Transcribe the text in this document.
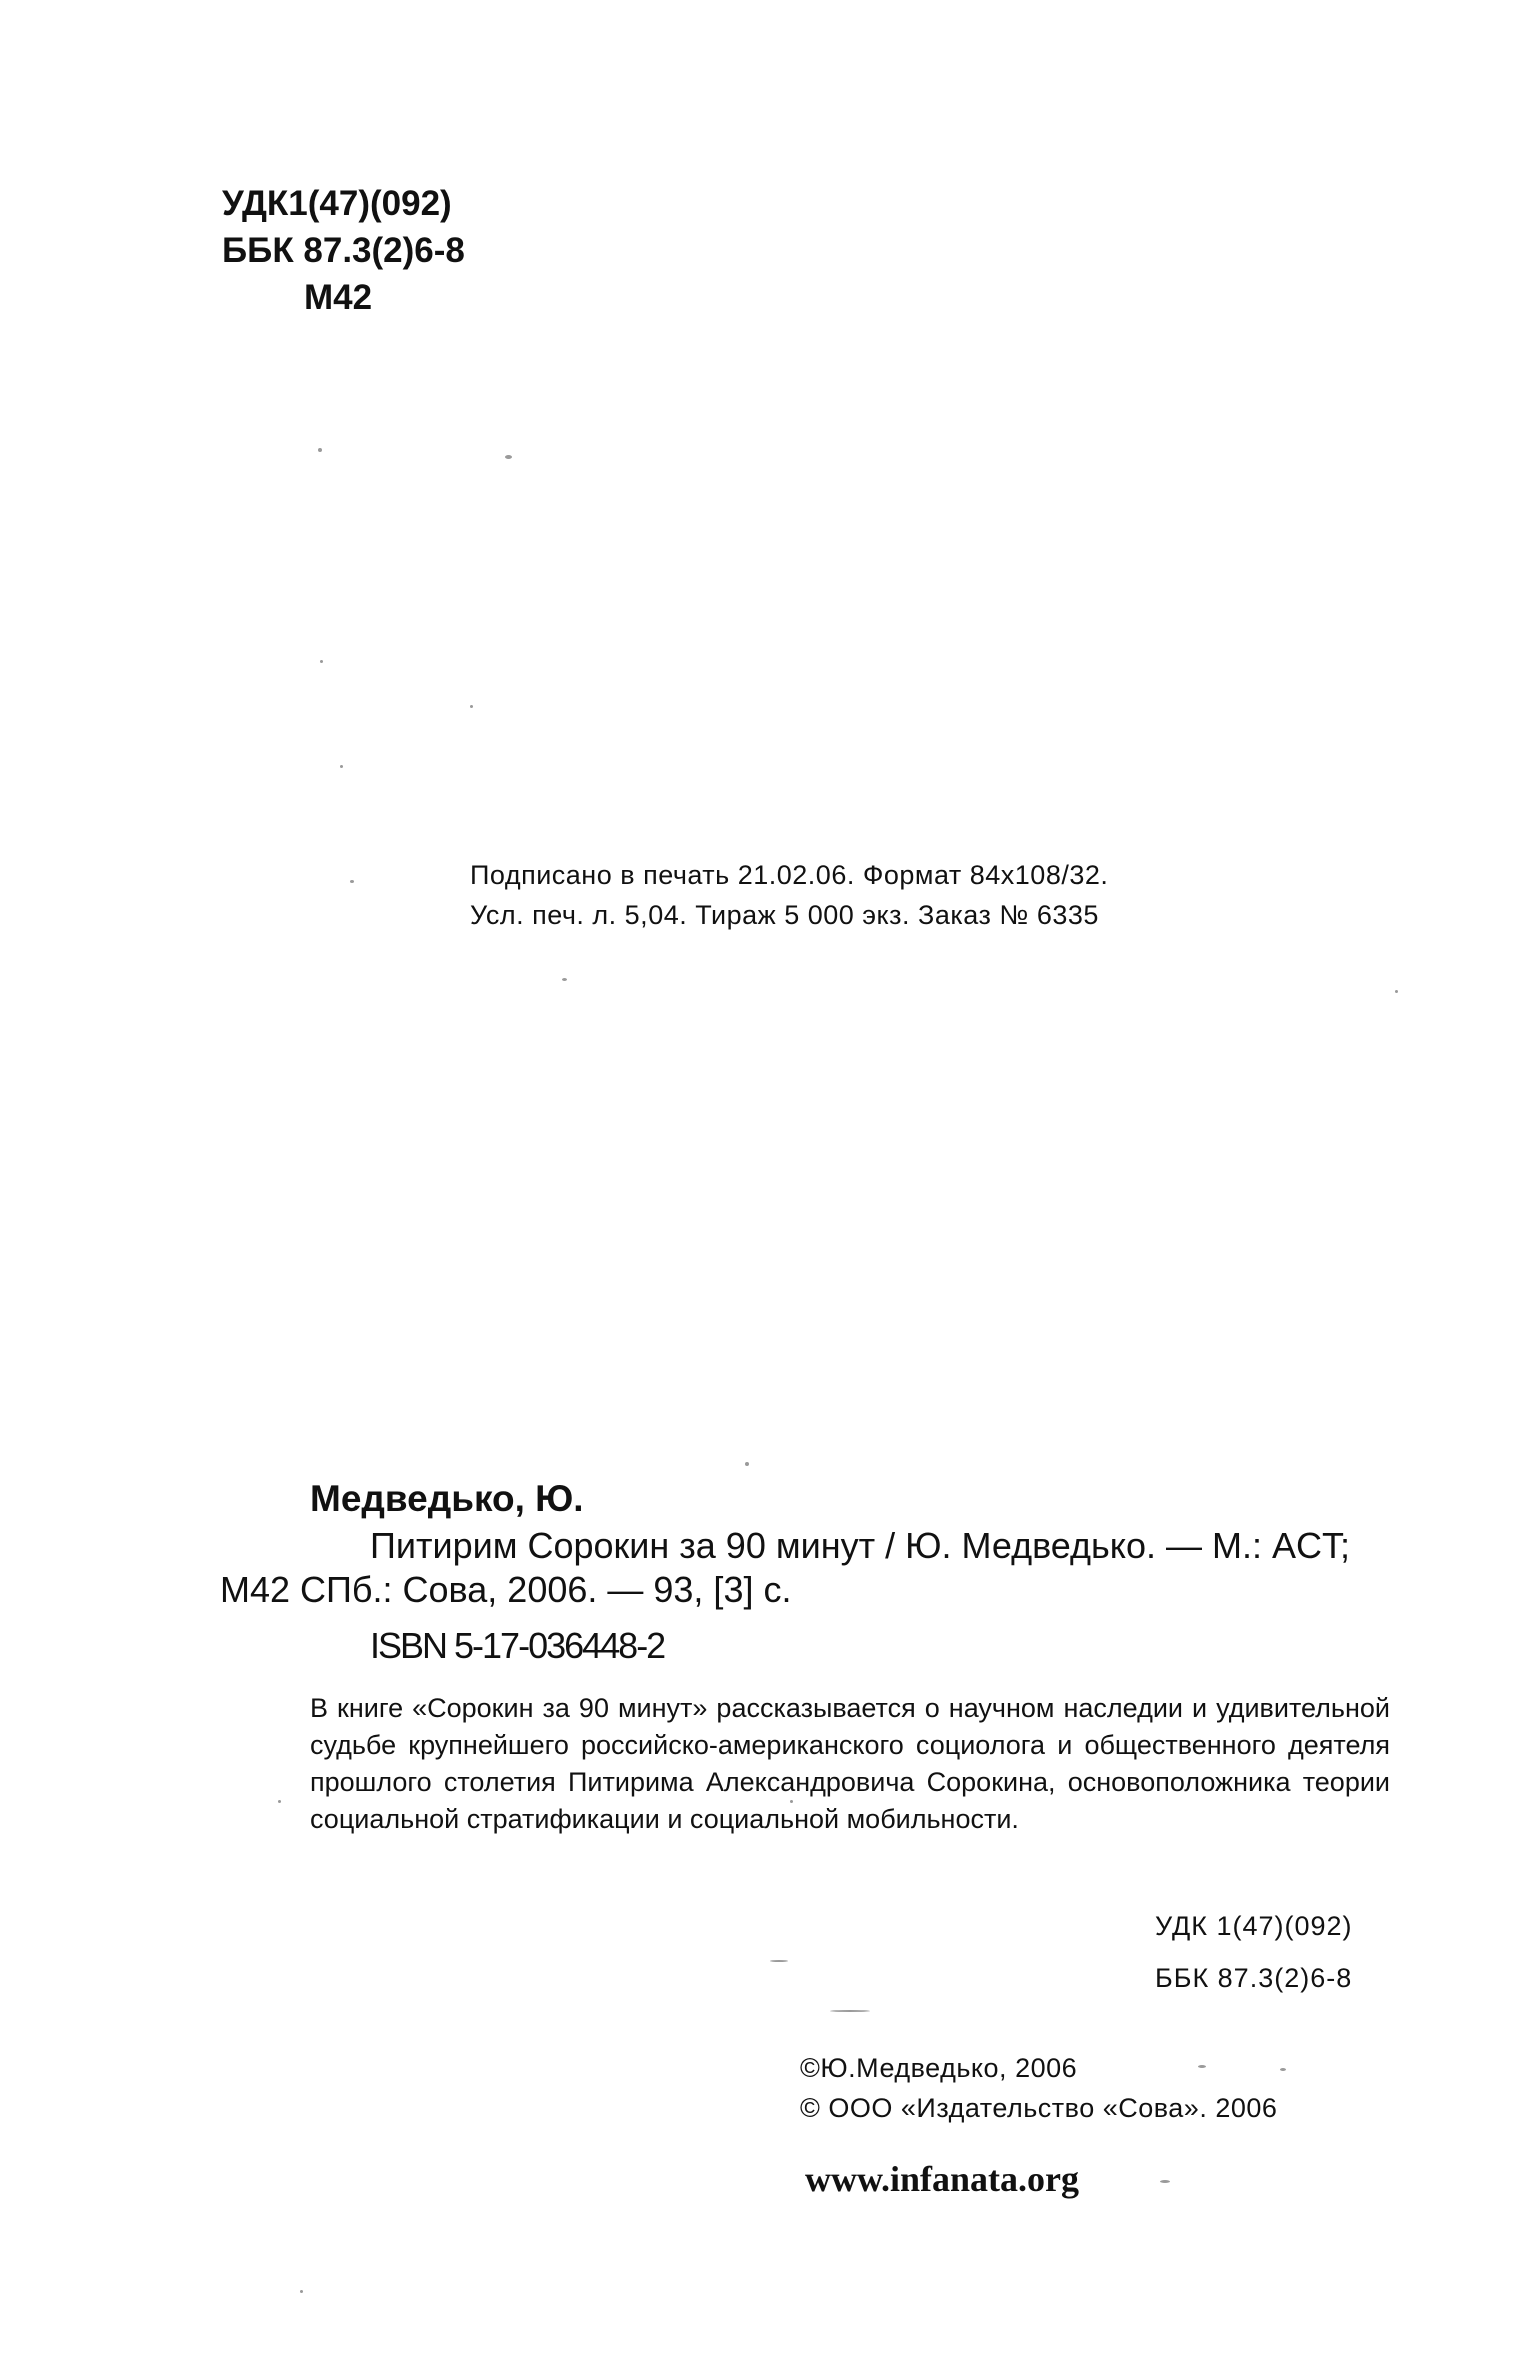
УДК1(47)(092)
ББК 87.3(2)6-8
М42
Подписано в печать 21.02.06. Формат 84x108/32.
Усл. печ. л. 5,04. Тираж 5 000 экз. Заказ № 6335
Медведько, Ю.
Питирим Сорокин за 90 минут / Ю. Медведько. — М.: ACT;
М42 СПб.: Сова, 2006. — 93, [3] с.
ISBN 5-17-036448-2
В книге «Сорокин за 90 минут» рассказывается о научном наследии и удивительной судьбе крупнейшего российско-американского социолога и общественного деятеля прошлого столетия Питирима Александровича Сорокина, основоположника теории социальной стратификации и социальной мобильности.
УДК 1(47)(092)
ББК 87.3(2)6-8
©Ю.Медведько, 2006
© ООО «Издательство «Сова». 2006
www.infanata.org
